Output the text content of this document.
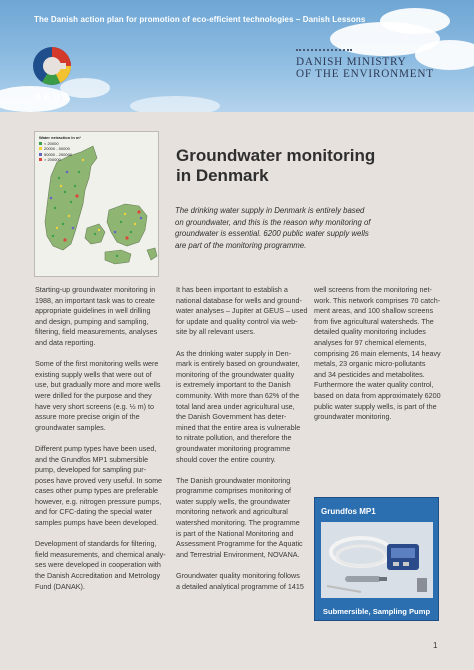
The Danish action plan for promotion of eco-efficient technologies – Danish Lessons
GEUS
DANISH MINISTRY
OF THE ENVIRONMENT
Water extraction in m³
< 20000
20000 - 50000
50000 - 200000
> 200000	Groundwater monitoring
in Denmark
The drinking water supply in Denmark is entirely based
on groundwater, and this is the reason why monitoring of
groundwater is essential. 6200 public water supply wells
are part of the monitoring programme.

Starting-up groundwater monitoring in
1988, an important task was to create
appropriate guidelines in well drilling
and design, pumping and sampling,
filtering, field measurements, analyses
and data reporting.

Some of the first monitoring wells were
existing supply wells that were out of
use, but gradually more and more wells
were drilled for the purpose and they
have very short screens (e.g. ½ m) to
assure more precise origin of the
groundwater samples.

Different pump types have been used,
and the Grundfos MP1 submersible
pump, developed for sampling pur-
poses have proved very useful. In some
cases other pump types are preferable
however, e.g. nitrogen pressure pumps,
and for CFC-dating the special water
samples pumps have been developed.

Development of standards for filtering,
field measurements, and chemical analy-
ses were developed in cooperation with
the Danish Accreditation and Metrology
Fund (DANAK).

It has been important to establish a
national database for wells and ground-
water analyses – Jupiter at GEUS – used
for update and quality control via web-
site by all relevant users.

As the drinking water supply in Den-
mark is entirely based on groundwater,
monitoring of the groundwater quality
is extremely important to the Danish
community. With more than 62% of the
total land area under agricultural use,
the Danish Government has deter-
mined that the entire area is vulnerable
to nitrate pollution, and therefore the
groundwater monitoring programme
should cover the entire country.

The Danish groundwater monitoring
programme comprises monitoring of
water supply wells, the groundwater
monitoring network and agricultural
watershed monitoring. The programme
is part of the National Monitoring and
Assessment Programme for the Aquatic
and Terrestrial Environment, NOVANA.

Groundwater quality monitoring follows
a detailed analytical programme of 1415

well screens from the monitoring net-
work. This network comprises 70 catch-
ment areas, and 100 shallow screens
from five agricultural watersheds. The
detailed quality monitoring includes
analyses for 97 chemical elements,
comprising 26 main elements, 14 heavy
metals, 23 organic micro-pollutants
and 34 pesticides and metabolites.
Furthermore the water quality control,
based on data from approximately 6200
public water supply wells, is part of the
groundwater monitoring.

Grundfos MP1
Submersible, Sampling Pump
1
